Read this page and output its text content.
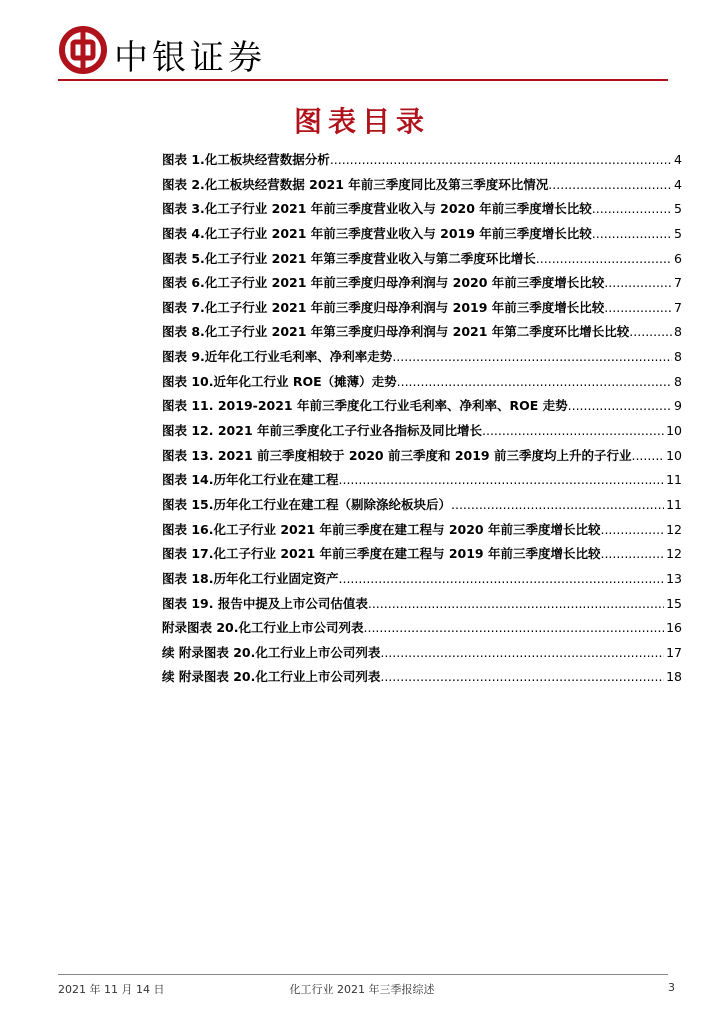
中银证券
图表目录
图表 1.化工板块经营数据分析 .....	4
图表 2.化工板块经营数据 2021 年前三季度同比及第三季度环比情况 .....	4
图表 3.化工子行业 2021 年前三季度营业收入与 2020 年前三季度增长比较 .....	5
图表 4.化工子行业 2021 年前三季度营业收入与 2019 年前三季度增长比较 .....	5
图表 5.化工子行业 2021 年第三季度营业收入与第二季度环比增长 .....	6
图表 6.化工子行业 2021 年前三季度归母净利润与 2020 年前三季度增长比较 .....	7
图表 7.化工子行业 2021 年前三季度归母净利润与 2019 年前三季度增长比较 .....	7
图表 8.化工子行业 2021 年第三季度归母净利润与 2021 年第二季度环比增长比较 .....	8
图表 9.近年化工行业毛利率、净利率走势 .....	8
图表 10.近年化工行业 ROE（摊薄）走势 .....	8
图表 11. 2019-2021 年前三季度化工行业毛利率、净利率、ROE 走势 .....	9
图表 12. 2021 年前三季度化工子行业各指标及同比增长 .....	10
图表 13. 2021 前三季度相较于 2020 前三季度和 2019 前三季度均上升的子行业 .....	10
图表 14.历年化工行业在建工程 .....	11
图表 15.历年化工行业在建工程（剔除涤纶板块后） .....	11
图表 16.化工子行业 2021 年前三季度在建工程与 2020 年前三季度增长比较 .....	12
图表 17.化工子行业 2021 年前三季度在建工程与 2019 年前三季度增长比较 .....	12
图表 18.历年化工行业固定资产 .....	13
图表 19. 报告中提及上市公司估值表 .....	15
附录图表 20.化工行业上市公司列表 .....	16
续 附录图表 20.化工行业上市公司列表 .....	17
续 附录图表 20.化工行业上市公司列表 .....	18
2021 年 11 月 14 日	化工行业 2021 年三季报综述	3
